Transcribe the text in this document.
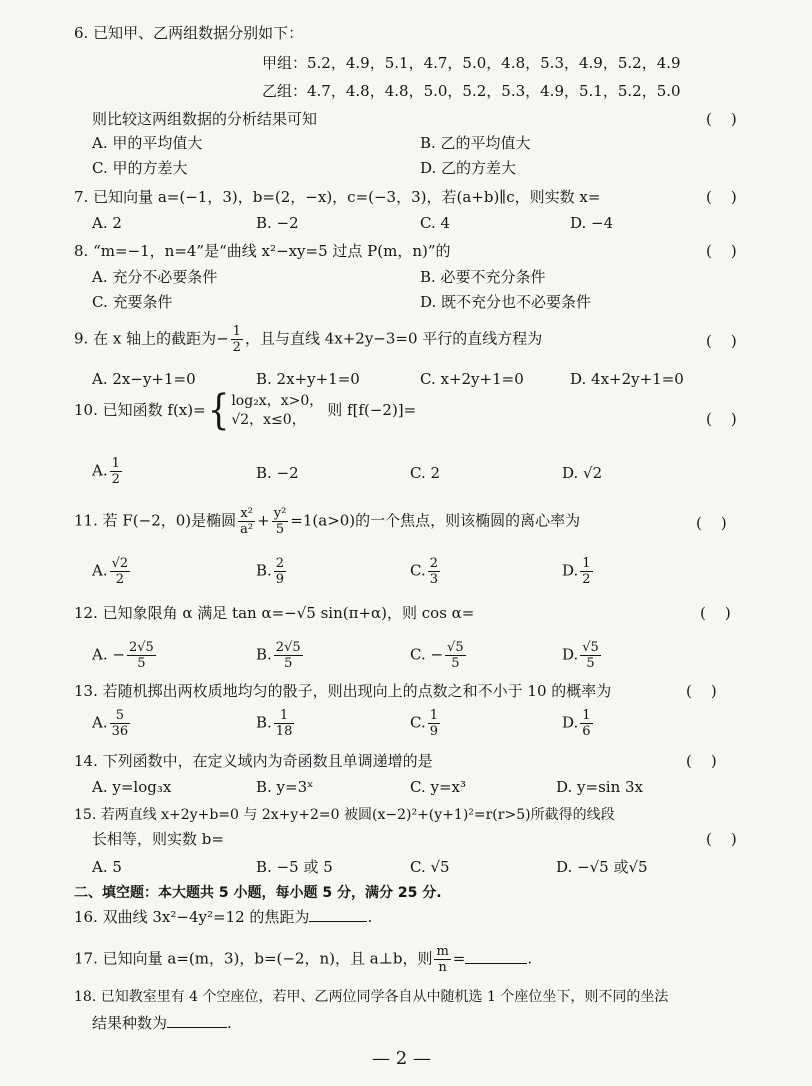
6. 已知甲、乙两组数据分别如下：
甲组：5.2，4.9，5.1，4.7，5.0，4.8，5.3，4.9，5.2，4.9
乙组：4.7，4.8，4.8，5.0，5.2，5.3，4.9，5.1，5.2，5.0
则比较这两组数据的分析结果可知	(    )
A. 甲的平均值大	B. 乙的平均值大
C. 甲的方差大	D. 乙的方差大
7. 已知向量 a=(−1，3)，b=(2，−x)，c=(−3，3)，若(a+b)∥c，则实数 x=	(    )
A. 2	B. −2	C. 4	D. −4
8. “m=−1，n=4”是“曲线 x²−xy=5 过点 P(m，n)”的	(    )
A. 充分不必要条件	B. 必要不充分条件
C. 充要条件	D. 既不充分也不必要条件
9. 在 x 轴上的截距为− $\frac{1}{2}$ ，且与直线 4x+2y−3=0 平行的直线方程为	(    )
A. 2x−y+1=0	B. 2x+y+1=0	C. x+2y+1=0	D. 4x+2y+1=0
10. 已知函数 f(x)={ log₂x，x>0，
√2，x≤0，
则 f[f(−2)]=	(    )
A. $\frac{1}{2}$	B. −2	C. 2	D. √2
11. 若 F(−2，0)是椭圆 $\frac{\text{x²}}{\text{a²}} + \frac{\text{y²}}{5} =1(a>0)$的一个焦点，则该椭圆的离心率为	(    )
A. $\frac{√2}{2}$	B. $\frac{2}{9}$	C. $\frac{2}{3}$	D. $\frac{1}{2}$
12. 已知象限角 α 满足 tan α=−√5 sin(π+α)，则 cos α=	(    )
A. − $\frac{2√5}{5}$	B. $\frac{2√5}{5}$	C. − $\frac{√5}{5}$	D. $\frac{√5}{5}$
13. 若随机掷出两枚质地均匀的骰子，则出现向上的点数之和不小于 10 的概率为	(    )
A. $\frac{5}{36}$	B. $\frac{1}{18}$	C. $\frac{1}{9}$	D. $\frac{1}{6}$
14. 下列函数中，在定义域内为奇函数且单调递增的是	(    )
A. y=log₃x	B. y=3ˣ	C. y=x³	D. y=sin 3x
15. 若两直线 x+2y+b=0 与 2x+y+2=0 被圆(x−2)²+(y+1)²=r(r>5)所截得的线段
长相等，则实数 b=	(    )
A. 5	B. −5 或 5	C. √5	D. −√5 或√5
二、填空题：本大题共 5 小题，每小题 5 分，满分 25 分.
16. 双曲线 3x²−4y²=12 的焦距为	.
17. 已知向量 a=(m，3)，b=(−2，n)，且 a⊥b，则 $\frac{m}{n}$ =	.
18. 已知教室里有 4 个空座位，若甲、乙两位同学各自从中随机选 1 个座位坐下，则不同的坐法
结果种数为	.
— 2 —
